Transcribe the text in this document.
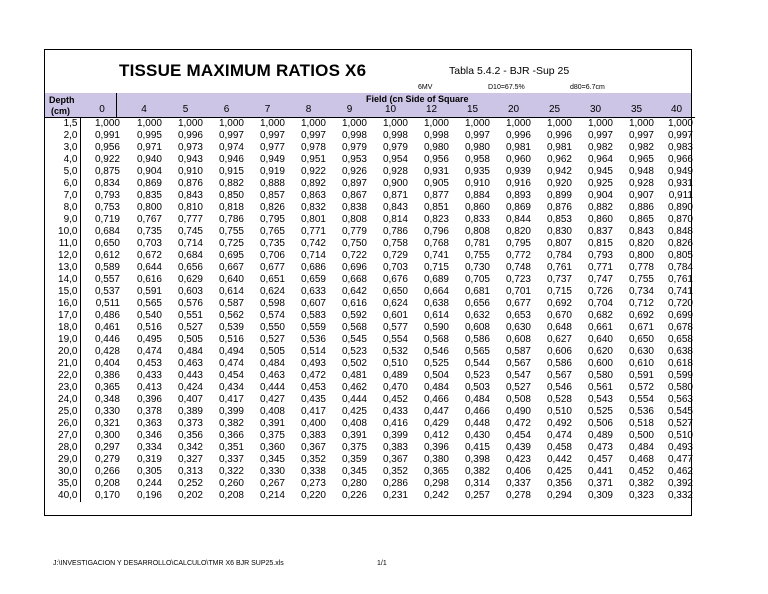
TISSUE MAXIMUM RATIOS X6	Tabla 5.4.2 - BJR -Sup 25
6MV	D10=67.5%	d80=6.7cm
Depth
(cm)
Field (cn Side of Square
0	4	5	6	7	8	9	10	12	15	20	25	30	35	40
1,5	1,000	1,000	1,000	1,000	1,000	1,000	1,000	1,000	1,000	1,000	1,000	1,000	1,000	1,000	1,000
2,0	0,991	0,995	0,996	0,997	0,997	0,997	0,998	0,998	0,998	0,997	0,996	0,996	0,997	0,997	0,997
3,0	0,956	0,971	0,973	0,974	0,977	0,978	0,979	0,979	0,980	0,980	0,981	0,981	0,982	0,982	0,983
4,0	0,922	0,940	0,943	0,946	0,949	0,951	0,953	0,954	0,956	0,958	0,960	0,962	0,964	0,965	0,966
5,0	0,875	0,904	0,910	0,915	0,919	0,922	0,926	0,928	0,931	0,935	0,939	0,942	0,945	0,948	0,949
6,0	0,834	0,869	0,876	0,882	0,888	0,892	0,897	0,900	0,905	0,910	0,916	0,920	0,925	0,928	0,931
7,0	0,793	0,835	0,843	0,850	0,857	0,863	0,867	0,871	0,877	0,884	0,893	0,899	0,904	0,907	0,911
8,0	0,753	0,800	0,810	0,818	0,826	0,832	0,838	0,843	0,851	0,860	0,869	0,876	0,882	0,886	0,890
9,0	0,719	0,767	0,777	0,786	0,795	0,801	0,808	0,814	0,823	0,833	0,844	0,853	0,860	0,865	0,870
10,0	0,684	0,735	0,745	0,755	0,765	0,771	0,779	0,786	0,796	0,808	0,820	0,830	0,837	0,843	0,848
11,0	0,650	0,703	0,714	0,725	0,735	0,742	0,750	0,758	0,768	0,781	0,795	0,807	0,815	0,820	0,826
12,0	0,612	0,672	0,684	0,695	0,706	0,714	0,722	0,729	0,741	0,755	0,772	0,784	0,793	0,800	0,805
13,0	0,589	0,644	0,656	0,667	0,677	0,686	0,696	0,703	0,715	0,730	0,748	0,761	0,771	0,778	0,784
14,0	0,557	0,616	0,629	0,640	0,651	0,659	0,668	0,676	0,689	0,705	0,723	0,737	0,747	0,755	0,761
15,0	0,537	0,591	0,603	0,614	0,624	0,633	0,642	0,650	0,664	0,681	0,701	0,715	0,726	0,734	0,741
16,0	0,511	0,565	0,576	0,587	0,598	0,607	0,616	0,624	0,638	0,656	0,677	0,692	0,704	0,712	0,720
17,0	0,486	0,540	0,551	0,562	0,574	0,583	0,592	0,601	0,614	0,632	0,653	0,670	0,682	0,692	0,699
18,0	0,461	0,516	0,527	0,539	0,550	0,559	0,568	0,577	0,590	0,608	0,630	0,648	0,661	0,671	0,678
19,0	0,446	0,495	0,505	0,516	0,527	0,536	0,545	0,554	0,568	0,586	0,608	0,627	0,640	0,650	0,658
20,0	0,428	0,474	0,484	0,494	0,505	0,514	0,523	0,532	0,546	0,565	0,587	0,606	0,620	0,630	0,638
21,0	0,404	0,453	0,463	0,474	0,484	0,493	0,502	0,510	0,525	0,544	0,567	0,586	0,600	0,610	0,618
22,0	0,386	0,433	0,443	0,454	0,463	0,472	0,481	0,489	0,504	0,523	0,547	0,567	0,580	0,591	0,599
23,0	0,365	0,413	0,424	0,434	0,444	0,453	0,462	0,470	0,484	0,503	0,527	0,546	0,561	0,572	0,580
24,0	0,348	0,396	0,407	0,417	0,427	0,435	0,444	0,452	0,466	0,484	0,508	0,528	0,543	0,554	0,563
25,0	0,330	0,378	0,389	0,399	0,408	0,417	0,425	0,433	0,447	0,466	0,490	0,510	0,525	0,536	0,545
26,0	0,321	0,363	0,373	0,382	0,391	0,400	0,408	0,416	0,429	0,448	0,472	0,492	0,506	0,518	0,527
27,0	0,300	0,346	0,356	0,366	0,375	0,383	0,391	0,399	0,412	0,430	0,454	0,474	0,489	0,500	0,510
28,0	0,297	0,334	0,342	0,351	0,360	0,367	0,375	0,383	0,396	0,415	0,439	0,458	0,473	0,484	0,493
29,0	0,279	0,319	0,327	0,337	0,345	0,352	0,359	0,367	0,380	0,398	0,423	0,442	0,457	0,468	0,477
30,0	0,266	0,305	0,313	0,322	0,330	0,338	0,345	0,352	0,365	0,382	0,406	0,425	0,441	0,452	0,462
35,0	0,208	0,244	0,252	0,260	0,267	0,273	0,280	0,286	0,298	0,314	0,337	0,356	0,371	0,382	0,392
40,0	0,170	0,196	0,202	0,208	0,214	0,220	0,226	0,231	0,242	0,257	0,278	0,294	0,309	0,323	0,332
J:\INVESTIGACION Y DESARROLLO\CALCULO\TMR X6 BJR SUP25.xls	1/1
